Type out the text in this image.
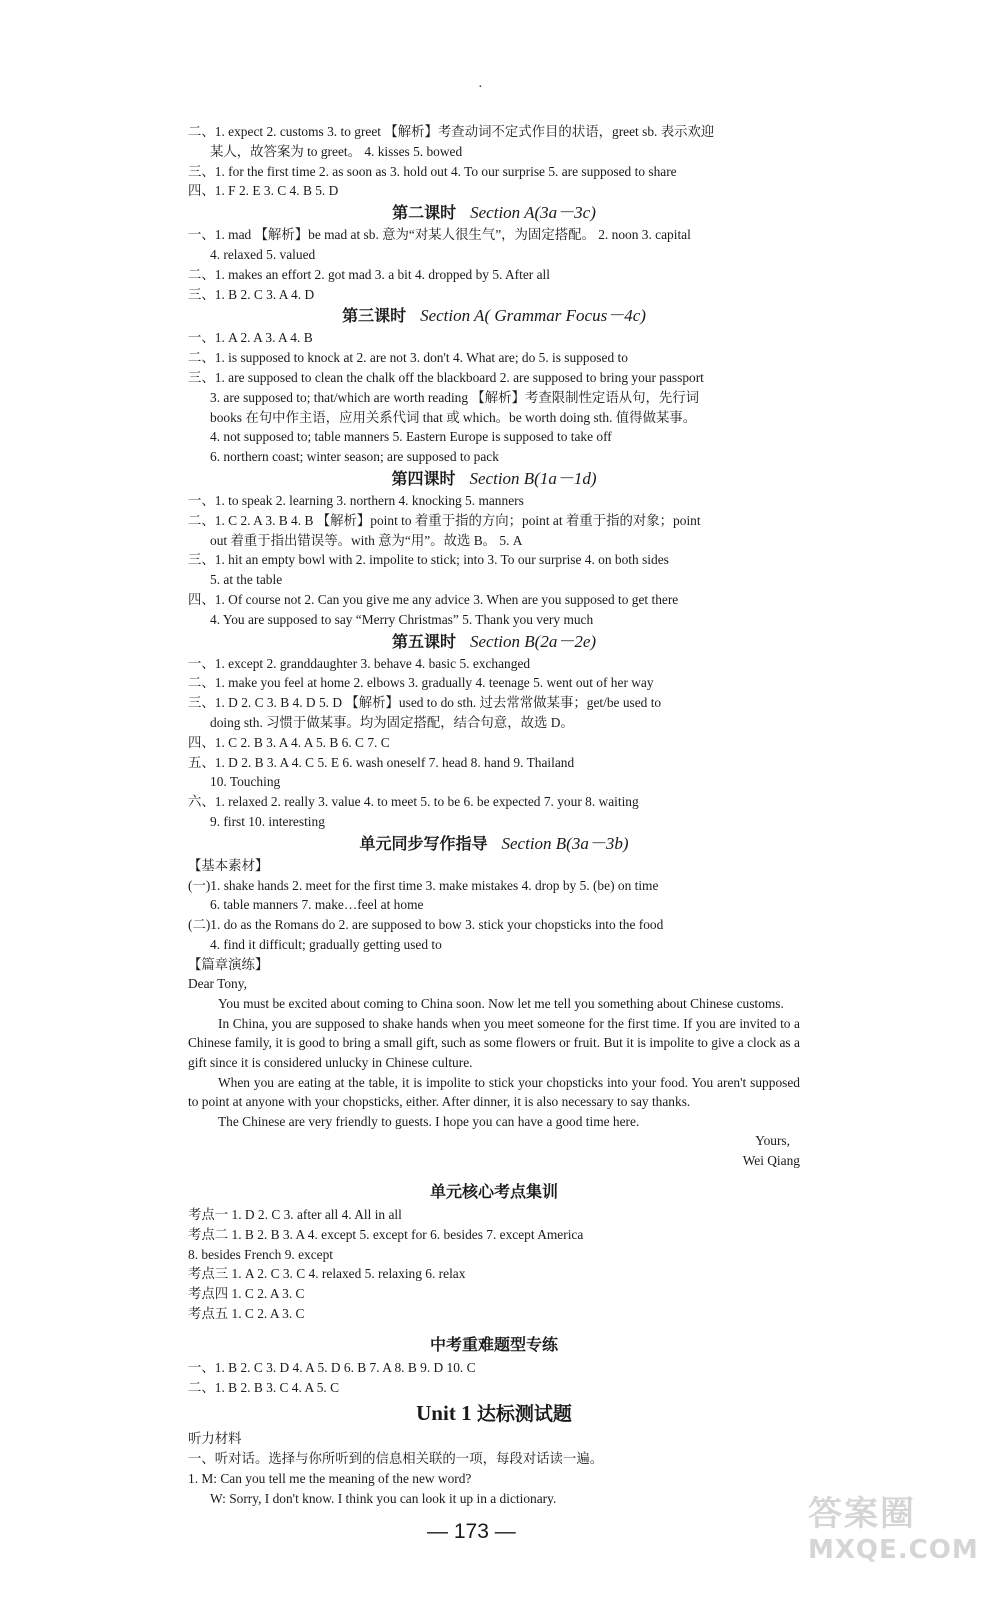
·
二、1. expect 2. customs 3. to greet 【解析】考查动词不定式作目的状语，greet sb. 表示欢迎
某人，故答案为 to greet。 4. kisses 5. bowed
三、1. for the first time 2. as soon as 3. hold out 4. To our surprise 5. are supposed to share
四、1. F 2. E 3. C 4. B 5. D
第二课时 Section A(3a－3c)
一、1. mad 【解析】be mad at sb. 意为“对某人很生气”，为固定搭配。 2. noon 3. capital
4. relaxed 5. valued
二、1. makes an effort 2. got mad 3. a bit 4. dropped by 5. After all
三、1. B 2. C 3. A 4. D
第三课时 Section A( Grammar Focus－4c)
一、1. A 2. A 3. A 4. B
二、1. is supposed to knock at 2. are not 3. don't 4. What are; do 5. is supposed to
三、1. are supposed to clean the chalk off the blackboard 2. are supposed to bring your passport
3. are supposed to; that/which are worth reading 【解析】考查限制性定语从句，先行词
books 在句中作主语，应用关系代词 that 或 which。be worth doing sth. 值得做某事。
4. not supposed to; table manners 5. Eastern Europe is supposed to take off
6. northern coast; winter season; are supposed to pack
第四课时 Section B(1a－1d)
一、1. to speak 2. learning 3. northern 4. knocking 5. manners
二、1. C 2. A 3. B 4. B 【解析】point to 着重于指的方向；point at 着重于指的对象；point
out 着重于指出错误等。with 意为“用”。故选 B。 5. A
三、1. hit an empty bowl with 2. impolite to stick; into 3. To our surprise 4. on both sides
5. at the table
四、1. Of course not 2. Can you give me any advice 3. When are you supposed to get there
4. You are supposed to say “Merry Christmas” 5. Thank you very much
第五课时 Section B(2a－2e)
一、1. except 2. granddaughter 3. behave 4. basic 5. exchanged
二、1. make you feel at home 2. elbows 3. gradually 4. teenage 5. went out of her way
三、1. D 2. C 3. B 4. D 5. D 【解析】used to do sth. 过去常常做某事；get/be used to
doing sth. 习惯于做某事。均为固定搭配，结合句意，故选 D。
四、1. C 2. B 3. A 4. A 5. B 6. C 7. C
五、1. D 2. B 3. A 4. C 5. E 6. wash oneself 7. head 8. hand 9. Thailand
10. Touching
六、1. relaxed 2. really 3. value 4. to meet 5. to be 6. be expected 7. your 8. waiting
9. first 10. interesting
单元同步写作指导 Section B(3a－3b)
【基本素材】
(一)1. shake hands 2. meet for the first time 3. make mistakes 4. drop by 5. (be) on time
6. table manners 7. make…feel at home
(二)1. do as the Romans do 2. are supposed to bow 3. stick your chopsticks into the food
4. find it difficult; gradually getting used to
【篇章演练】
Dear Tony,
You must be excited about coming to China soon. Now let me tell you something about Chinese customs.
In China, you are supposed to shake hands when you meet someone for the first time. If you are invited to a Chinese family, it is good to bring a small gift, such as some flowers or fruit. But it is impolite to give a clock as a gift since it is considered unlucky in Chinese culture.
When you are eating at the table, it is impolite to stick your chopsticks into your food. You aren't supposed to point at anyone with your chopsticks, either. After dinner, it is also necessary to say thanks.
The Chinese are very friendly to guests. I hope you can have a good time here.
Yours,
Wei Qiang
单元核心考点集训
考点一 1. D 2. C 3. after all 4. All in all
考点二 1. B 2. B 3. A 4. except 5. except for 6. besides 7. except America
8. besides French 9. except
考点三 1. A 2. C 3. C 4. relaxed 5. relaxing 6. relax
考点四 1. C 2. A 3. C
考点五 1. C 2. A 3. C
中考重难题型专练
一、1. B 2. C 3. D 4. A 5. D 6. B 7. A 8. B 9. D 10. C
二、1. B 2. B 3. C 4. A 5. C
Unit 1 达标测试题
听力材料
一、听对话。选择与你所听到的信息相关联的一项，每段对话读一遍。
1. M: Can you tell me the meaning of the new word?
W: Sorry, I don't know. I think you can look it up in a dictionary.
— 173 —	答案圈
MXQE.COM
